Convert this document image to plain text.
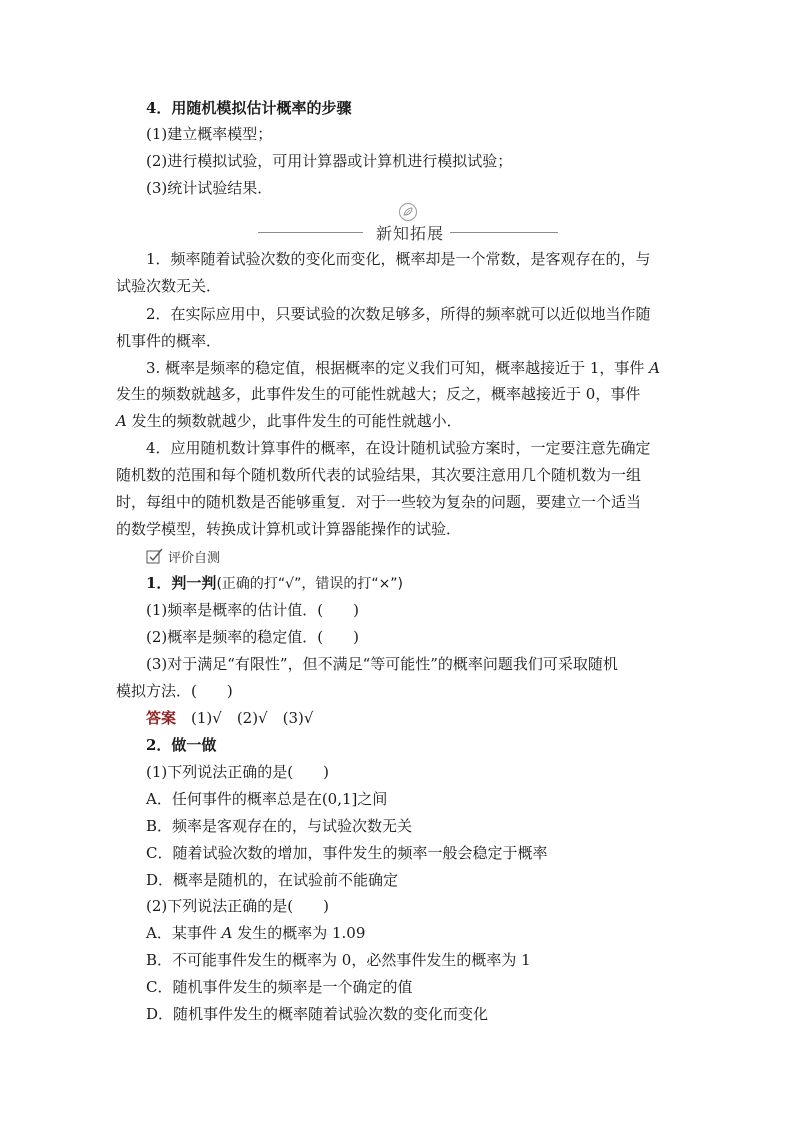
4．用随机模拟估计概率的步骤
(1)建立概率模型；
(2)进行模拟试验，可用计算器或计算机进行模拟试验；
(3)统计试验结果．
新知拓展
1．频率随着试验次数的变化而变化，概率却是一个常数，是客观存在的，与
试验次数无关．
2．在实际应用中，只要试验的次数足够多，所得的频率就可以近似地当作随
机事件的概率．
3. 概率是频率的稳定值，根据概率的定义我们可知，概率越接近于 1，事件 A
发生的频数就越多，此事件发生的可能性就越大；反之，概率越接近于 0，事件
A 发生的频数就越少，此事件发生的可能性就越小．
4．应用随机数计算事件的概率，在设计随机试验方案时，一定要注意先确定
随机数的范围和每个随机数所代表的试验结果，其次要注意用几个随机数为一组
时，每组中的随机数是否能够重复．对于一些较为复杂的问题，要建立一个适当
的数学模型，转换成计算机或计算器能操作的试验．
评价自测
1．判一判(正确的打“√”，错误的打“×”)
(1)频率是概率的估计值．(　　)
(2)概率是频率的稳定值．(　　)
(3)对于满足“有限性”，但不满足“等可能性”的概率问题我们可采取随机
模拟方法．(　　)
答案　(1)√　(2)√　(3)√
2．做一做
(1)下列说法正确的是(　　)
A．任何事件的概率总是在(0,1]之间
B．频率是客观存在的，与试验次数无关
C．随着试验次数的增加，事件发生的频率一般会稳定于概率
D．概率是随机的，在试验前不能确定
(2)下列说法正确的是(　　)
A．某事件 A 发生的概率为 1.09
B．不可能事件发生的概率为 0，必然事件发生的概率为 1
C．随机事件发生的频率是一个确定的值
D．随机事件发生的概率随着试验次数的变化而变化
